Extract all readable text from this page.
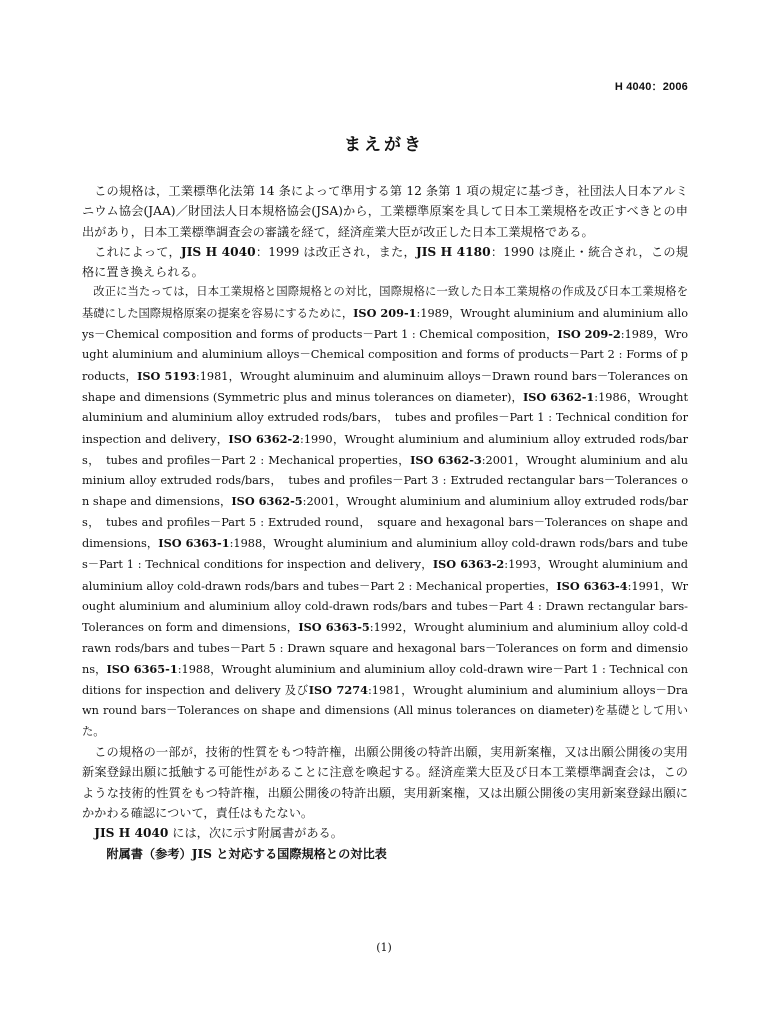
H 4040：2006
まえがき

この規格は，工業標準化法第 14 条によって準用する第 12 条第 1 項の規定に基づき，社団法人日本アルミニウム協会(JAA)／財団法人日本規格協会(JSA)から，工業標準原案を具して日本工業規格を改正すべきとの申出があり，日本工業標準調査会の審議を経て，経済産業大臣が改正した日本工業規格である。

これによって，JIS H 4040：1999 は改正され，また，JIS H 4180：1990 は廃止・統合され，この規格に置き換えられる。

改正に当たっては，日本工業規格と国際規格との対比，国際規格に一致した日本工業規格の作成及び日本工業規格を基礎にした国際規格原案の提案を容易にするために，ISO 209-1:1989，Wrought aluminium and aluminium alloys－Chemical composition and forms of products－Part 1 : Chemical composition，ISO 209-2:1989，Wrought aluminium and aluminium alloys－Chemical composition and forms of products－Part 2 : Forms of products，ISO 5193:1981，Wrought aluminuim and aluminuim alloys－Drawn round bars－Tolerances on shape and dimensions (Symmetric plus and minus tolerances on diameter)，ISO 6362-1:1986，Wrought aluminium and aluminium alloy extruded rods/bars，　tubes and profiles－Part 1 : Technical condition for inspection and delivery，ISO 6362-2:1990，Wrought aluminium and aluminium alloy extruded rods/bars，　tubes and profiles－Part 2 : Mechanical properties，ISO 6362-3:2001，Wrought aluminium and aluminium alloy extruded rods/bars，　tubes and profiles－Part 3 : Extruded rectangular bars－Tolerances on shape and dimensions，ISO 6362-5:2001，Wrought aluminium and aluminium alloy extruded rods/bars，　tubes and profiles－Part 5 : Extruded round，　square and hexagonal bars－Tolerances on shape and dimensions，ISO 6363-1:1988，Wrought aluminium and aluminium alloy cold-drawn rods/bars and tubes－Part 1 : Technical conditions for inspection and delivery，ISO 6363-2:1993，Wrought aluminium and aluminium alloy cold-drawn rods/bars and tubes－Part 2 : Mechanical properties，ISO 6363-4:1991，Wrought aluminium and aluminium alloy cold-drawn rods/bars and tubes－Part 4 : Drawn rectangular bars-Tolerances on form and dimensions，ISO 6363-5:1992，Wrought aluminium and aluminium alloy cold-drawn rods/bars and tubes－Part 5 : Drawn square and hexagonal bars－Tolerances on form and dimensions，ISO 6365-1:1988，Wrought aluminium and aluminium alloy cold-drawn wire－Part 1 : Technical conditions for inspection and delivery 及びISO 7274:1981，Wrought aluminium and aluminium alloys－Drawn round bars－Tolerances on shape and dimensions (All minus tolerances on diameter)を基礎として用いた。

この規格の一部が，技術的性質をもつ特許権，出願公開後の特許出願，実用新案権，又は出願公開後の実用新案登録出願に抵触する可能性があることに注意を喚起する。経済産業大臣及び日本工業標準調査会は，このような技術的性質をもつ特許権，出願公開後の特許出願，実用新案権，又は出願公開後の実用新案登録出願にかかわる確認について，責任はもたない。

JIS H 4040 には，次に示す附属書がある。

附属書（参考）JIS と対応する国際規格との対比表

(1)
